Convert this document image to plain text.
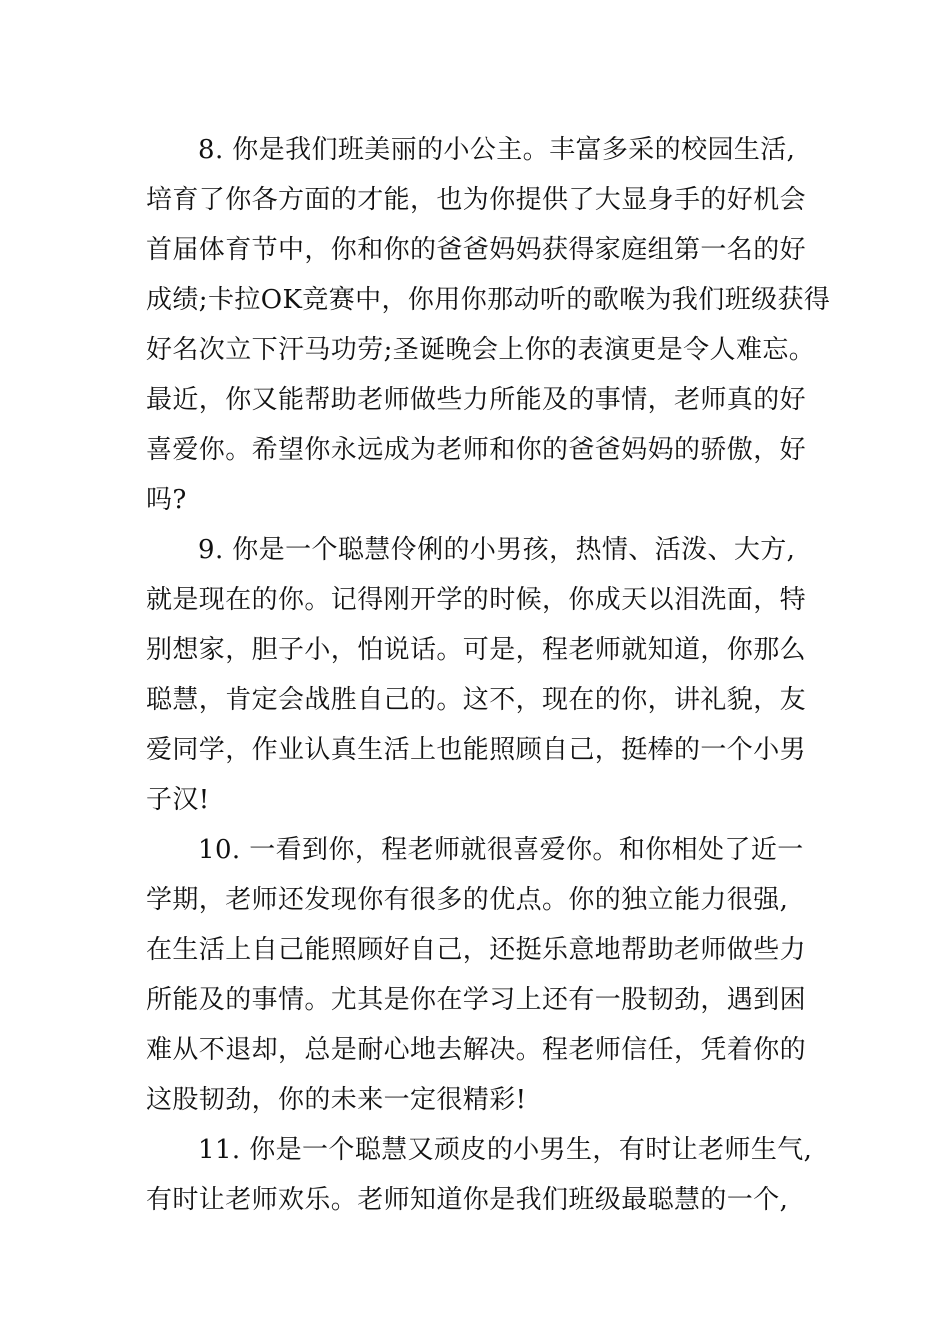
8. 你是我们班美丽的小公主。丰富多采的校园生活,
培育了你各方面的才能，也为你提供了大显身手的好机会
首届体育节中，你和你的爸爸妈妈获得家庭组第一名的好
成绩;卡拉OK竞赛中，你用你那动听的歌喉为我们班级获得
好名次立下汗马功劳;圣诞晚会上你的表演更是令人难忘。
最近，你又能帮助老师做些力所能及的事情，老师真的好
喜爱你。希望你永远成为老师和你的爸爸妈妈的骄傲，好
吗?
9. 你是一个聪慧伶俐的小男孩，热情、活泼、大方,
就是现在的你。记得刚开学的时候，你成天以泪洗面，特
别想家，胆子小，怕说话。可是，程老师就知道，你那么
聪慧，肯定会战胜自己的。这不，现在的你，讲礼貌，友
爱同学，作业认真生活上也能照顾自己，挺棒的一个小男
子汉!
10. 一看到你，程老师就很喜爱你。和你相处了近一
学期，老师还发现你有很多的优点。你的独立能力很强,
在生活上自己能照顾好自己，还挺乐意地帮助老师做些力
所能及的事情。尤其是你在学习上还有一股韧劲，遇到困
难从不退却，总是耐心地去解决。程老师信任，凭着你的
这股韧劲，你的未来一定很精彩!
11. 你是一个聪慧又顽皮的小男生，有时让老师生气,
有时让老师欢乐。老师知道你是我们班级最聪慧的一个,
